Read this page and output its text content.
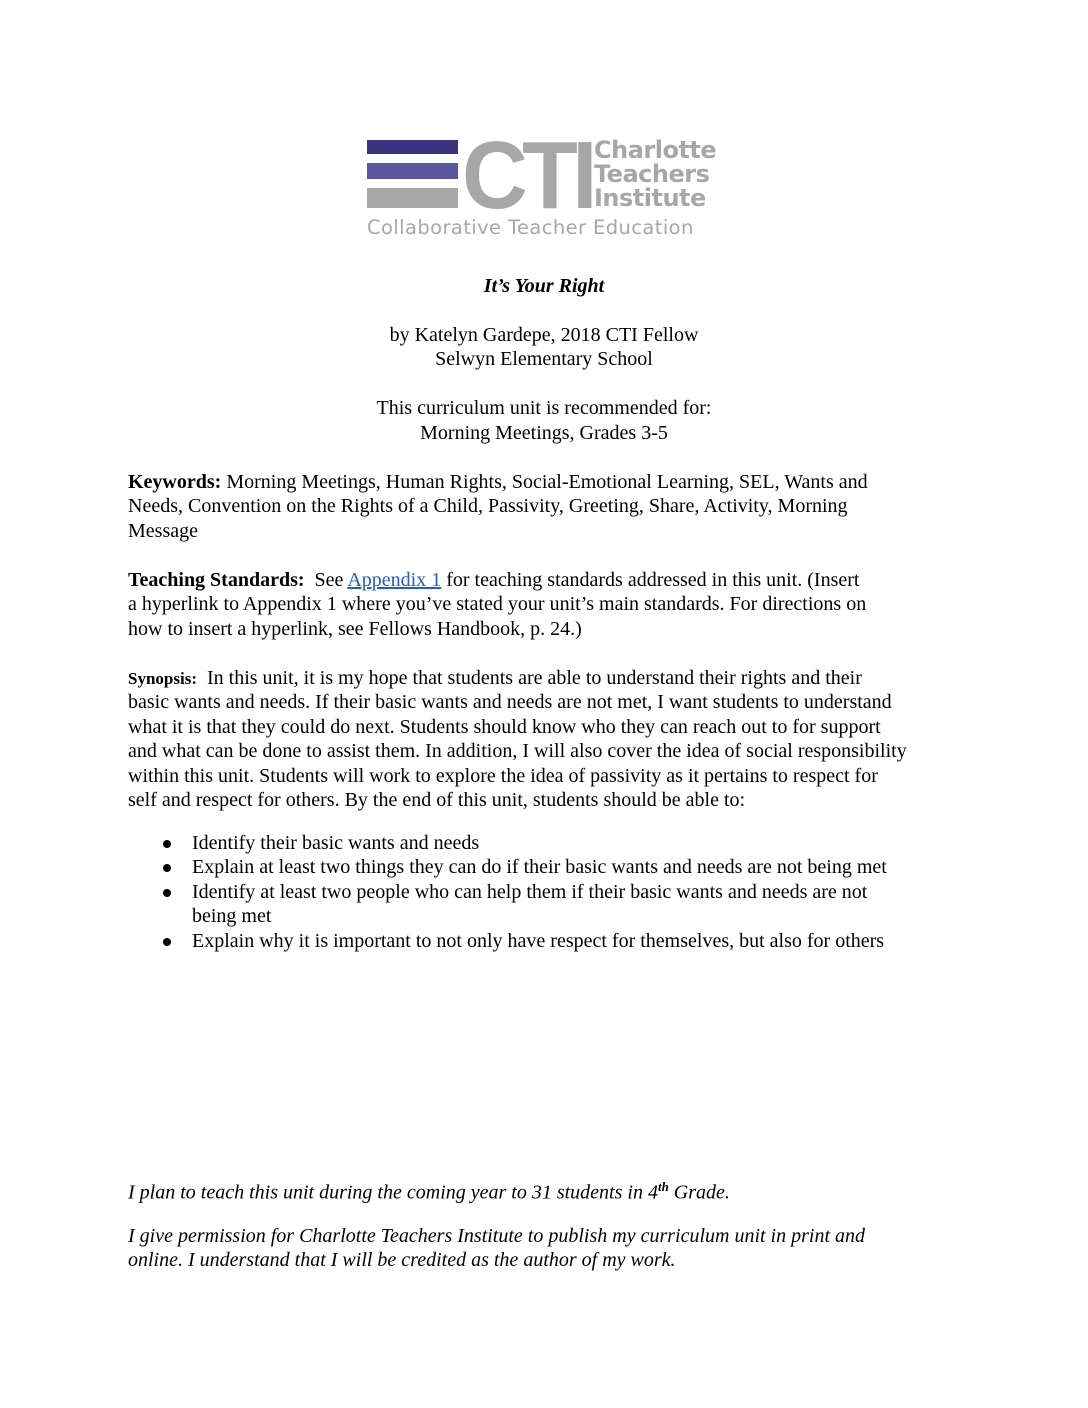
CTI Charlotte
Teachers
Institute
Collaborative Teacher Education
It’s Your Right
by Katelyn Gardepe, 2018 CTI Fellow
Selwyn Elementary School
This curriculum unit is recommended for:
Morning Meetings, Grades 3-5
Keywords: Morning Meetings, Human Rights, Social-Emotional Learning, SEL, Wants and
Needs, Convention on the Rights of a Child, Passivity, Greeting, Share, Activity, Morning
Message
Teaching Standards:  See Appendix 1 for teaching standards addressed in this unit. (Insert
a hyperlink to Appendix 1 where you’ve stated your unit’s main standards. For directions on
how to insert a hyperlink, see Fellows Handbook, p. 24.)
Synopsis:  In this unit, it is my hope that students are able to understand their rights and their
basic wants and needs. If their basic wants and needs are not met, I want students to understand
what it is that they could do next. Students should know who they can reach out to for support
and what can be done to assist them. In addition, I will also cover the idea of social responsibility
within this unit. Students will work to explore the idea of passivity as it pertains to respect for
self and respect for others. By the end of this unit, students should be able to:
Identify their basic wants and needs
Explain at least two things they can do if their basic wants and needs are not being met
Identify at least two people who can help them if their basic wants and needs are not
being met
Explain why it is important to not only have respect for themselves, but also for others
I plan to teach this unit during the coming year to 31 students in 4th Grade.
I give permission for Charlotte Teachers Institute to publish my curriculum unit in print and
online. I understand that I will be credited as the author of my work.
